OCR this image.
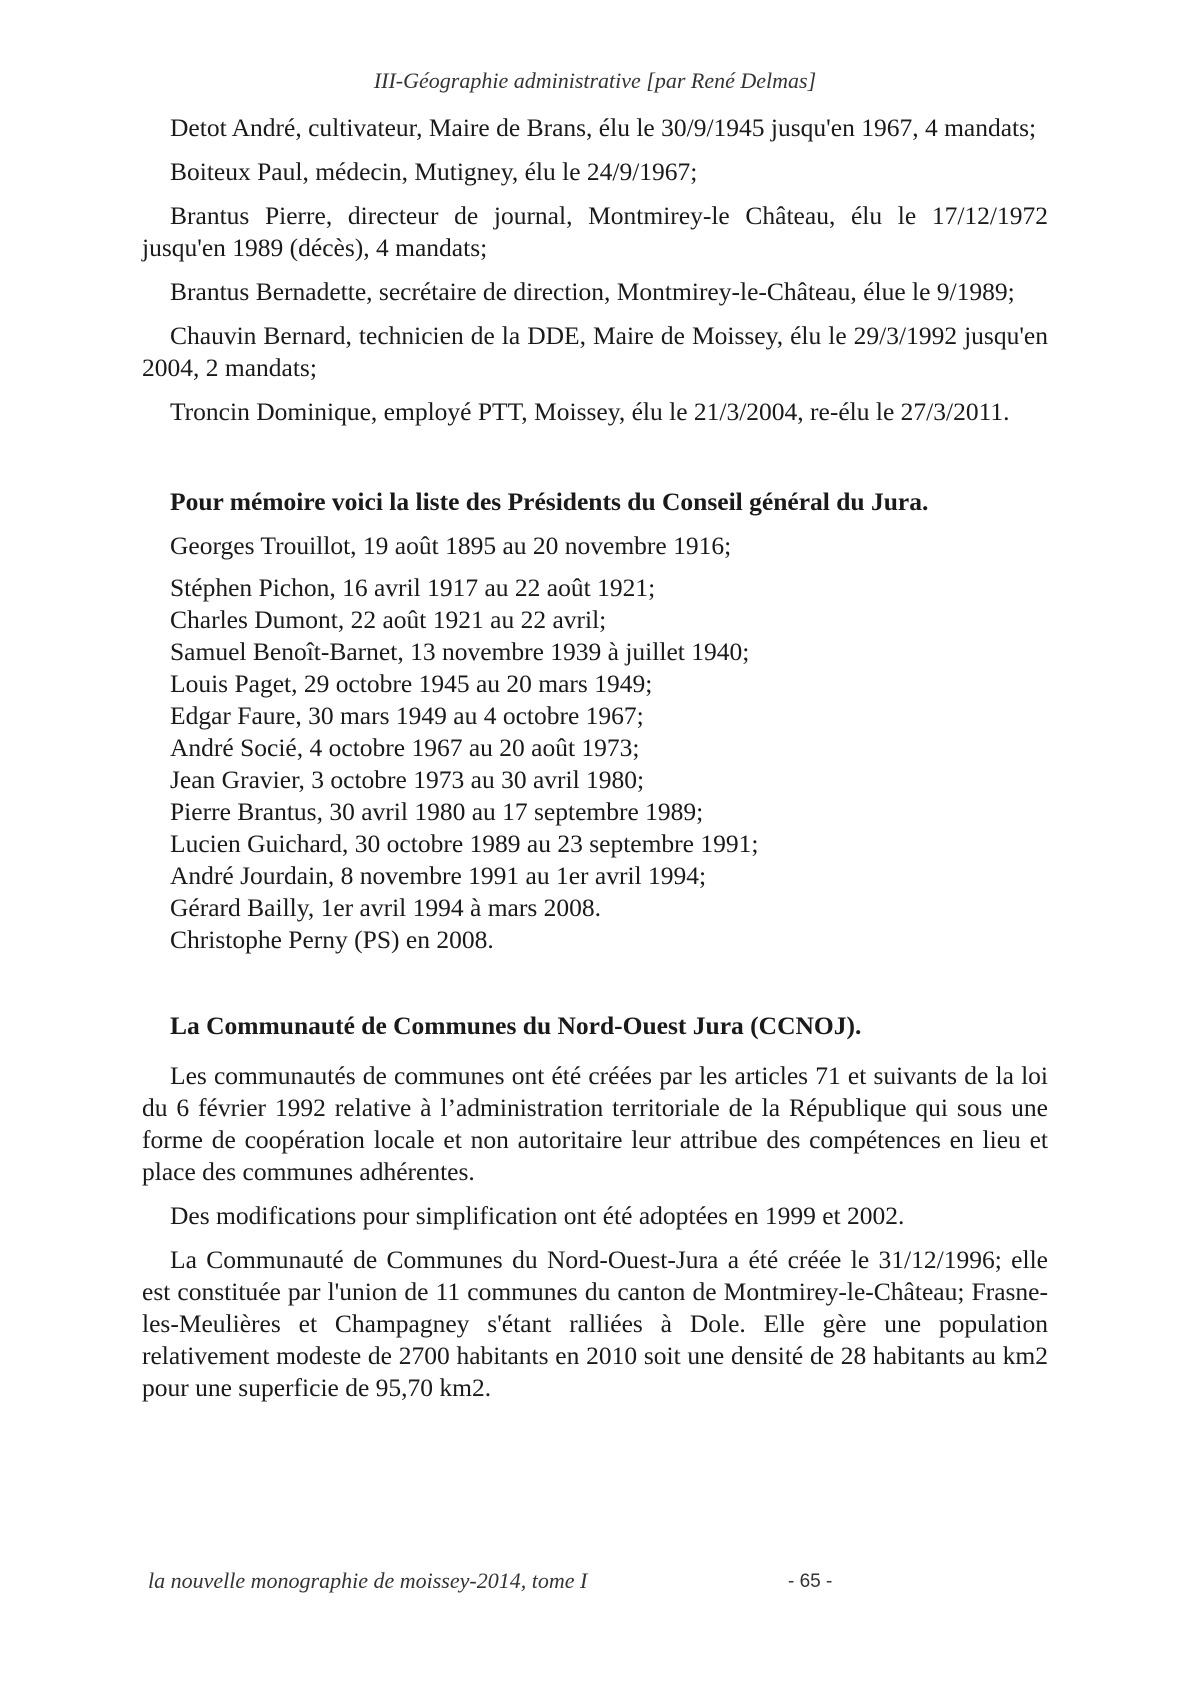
III-Géographie administrative [par René Delmas]

Detot André, cultivateur, Maire de Brans, élu le 30/9/1945 jusqu'en 1967, 4 mandats;

Boiteux Paul, médecin, Mutigney, élu le 24/9/1967;

Brantus Pierre, directeur de journal, Montmirey-le Château, élu le 17/12/1972 jusqu'en 1989 (décès), 4 mandats;

Brantus Bernadette, secrétaire de direction, Montmirey-le-Château, élue le 9/1989;

Chauvin Bernard, technicien de la DDE, Maire de Moissey, élu le 29/3/1992 jusqu'en 2004, 2 mandats;

Troncin Dominique, employé PTT, Moissey, élu le 21/3/2004, re-élu le 27/3/2011.

Pour mémoire voici la liste des Présidents du Conseil général du Jura.

Georges Trouillot, 19 août 1895 au 20 novembre 1916;

Stéphen Pichon, 16 avril 1917 au 22 août 1921;
Charles Dumont, 22 août 1921 au 22 avril;
Samuel Benoît-Barnet, 13 novembre 1939 à juillet 1940;
Louis Paget, 29 octobre 1945 au 20 mars 1949;
Edgar Faure, 30 mars 1949 au 4 octobre 1967;
André Socié, 4 octobre 1967 au 20 août 1973;
Jean Gravier, 3 octobre 1973 au 30 avril 1980;
Pierre Brantus, 30 avril 1980 au 17 septembre 1989;
Lucien Guichard, 30 octobre 1989 au 23 septembre 1991;
André Jourdain, 8 novembre 1991 au 1er avril 1994;
Gérard Bailly, 1er avril 1994 à mars 2008.
Christophe Perny (PS) en 2008.

La Communauté de Communes du Nord-Ouest Jura (CCNOJ).

Les communautés de communes ont été créées par les articles 71 et suivants de la loi du 6 février 1992 relative à l’administration territoriale de la République qui sous une forme de coopération locale et non autoritaire leur attribue des compétences en lieu et place des communes adhérentes.

Des modifications pour simplification ont été adoptées en 1999 et 2002.

La Communauté de Communes du Nord-Ouest-Jura a été créée le 31/12/1996; elle est constituée par l'union de 11 communes du canton de Montmirey-le-Château; Frasne-les-Meulières et Champagney s'étant ralliées à Dole. Elle gère une population relativement modeste de 2700 habitants en 2010 soit une densité de 28 habitants au km2 pour une superficie de 95,70 km2.

la nouvelle monographie de moissey-2014, tome I	- 65 -
